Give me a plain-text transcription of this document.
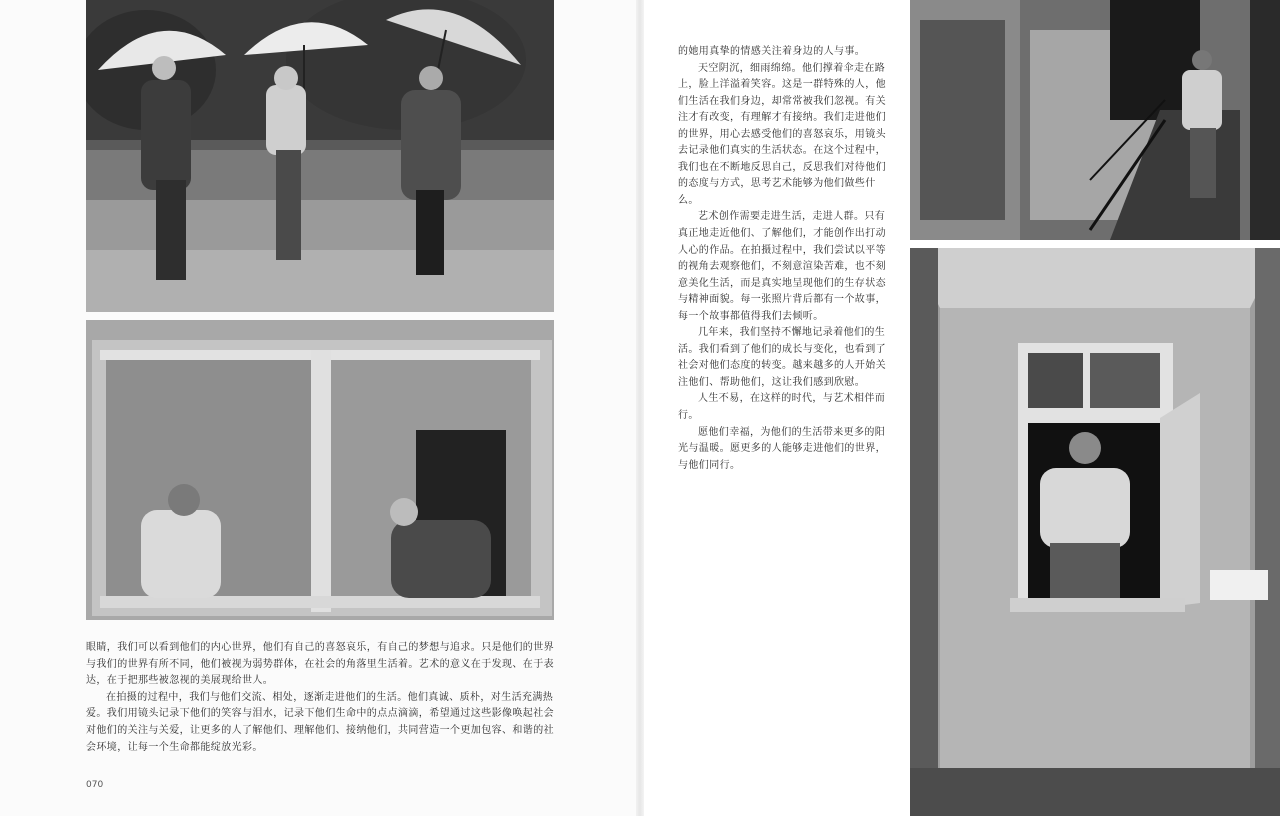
眼睛，我们可以看到他们的内心世界，他们有自己的喜怒哀乐，有自己的梦想与追求。只是他们的世界与我们的世界有所不同，他们被视为弱势群体，在社会的角落里生活着。艺术的意义在于发现、在于表达，在于把那些被忽视的美展现给世人。

在拍摄的过程中，我们与他们交流、相处，逐渐走进他们的生活。他们真诚、质朴，对生活充满热爱。我们用镜头记录下他们的笑容与泪水，记录下他们生命中的点点滴滴，希望通过这些影像唤起社会对他们的关注与关爱，让更多的人了解他们、理解他们、接纳他们，共同营造一个更加包容、和谐的社会环境，让每一个生命都能绽放光彩。

070

的她用真挚的情感关注着身边的人与事。

天空阴沉，细雨绵绵。他们撑着伞走在路上，脸上洋溢着笑容。这是一群特殊的人，他们生活在我们身边，却常常被我们忽视。有关注才有改变，有理解才有接纳。我们走进他们的世界，用心去感受他们的喜怒哀乐，用镜头去记录他们真实的生活状态。在这个过程中，我们也在不断地反思自己，反思我们对待他们的态度与方式，思考艺术能够为他们做些什么。

艺术创作需要走进生活，走进人群。只有真正地走近他们、了解他们，才能创作出打动人心的作品。在拍摄过程中，我们尝试以平等的视角去观察他们，不刻意渲染苦难，也不刻意美化生活，而是真实地呈现他们的生存状态与精神面貌。每一张照片背后都有一个故事，每一个故事都值得我们去倾听。

几年来，我们坚持不懈地记录着他们的生活。我们看到了他们的成长与变化，也看到了社会对他们态度的转变。越来越多的人开始关注他们、帮助他们，这让我们感到欣慰。

人生不易，在这样的时代，与艺术相伴而行。

愿他们幸福，为他们的生活带来更多的阳光与温暖。愿更多的人能够走进他们的世界，与他们同行。
